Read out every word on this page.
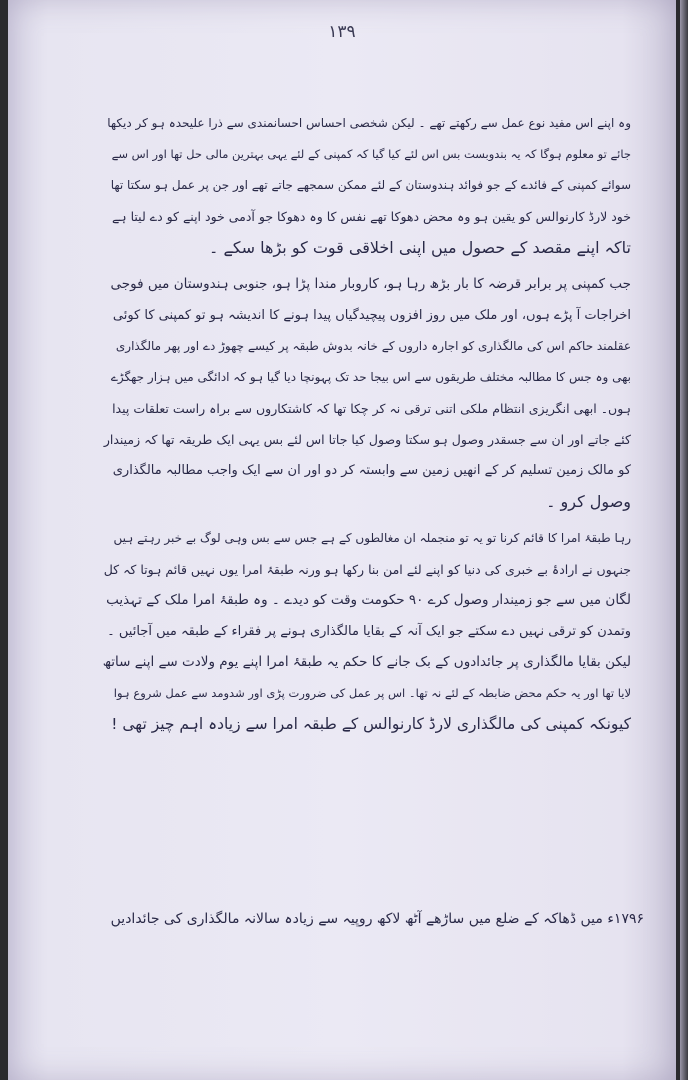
۱۳۹
وہ اپنے اس مفید نوع عمل سے رکھتے تھے ۔ لیکن شخصی احساس احسانمندی سے ذرا علیحدہ ہو کر دیکھا
جائے تو معلوم ہوگا کہ یہ بندوبست بس اس لئے کیا گیا کہ کمپنی کے لئے یہی بہترین مالی حل تھا اور اس سے
سوائے کمپنی کے فائدے کے جو فوائد ہندوستان کے لئے ممکن سمجھے جاتے تھے اور جن پر عمل ہو سکتا تھا
خود لارڈ کارنوالس کو یقین ہو وہ محض دھوکا تھے نفس کا وہ دھوکا جو آدمی خود اپنے کو دے لیتا ہے
تاکہ اپنے مقصد کے حصول میں اپنی اخلاقی قوت کو بڑھا سکے ۔
جب کمپنی پر برابر قرضہ کا بار بڑھ رہا ہو، کاروبار مندا پڑا ہو، جنوبی ہندوستان میں فوجی
اخراجات آ پڑے ہوں، اور ملک میں روز افزوں پیچیدگیاں پیدا ہونے کا اندیشہ ہو تو کمپنی کا کوئی
عقلمند حاکم اس کی مالگذاری کو اجارہ داروں کے خانہ بدوش طبقہ پر کیسے چھوڑ دے اور پھر مالگذاری
بھی وہ جس کا مطالبہ مختلف طریقوں سے اس بیجا حد تک پہونچا دیا گیا ہو کہ ادائگی میں ہزار جھگڑے
ہوں۔ ابھی انگریزی انتظام ملکی اتنی ترقی نہ کر چکا تھا کہ کاشتکاروں سے براہ راست تعلقات پیدا
کئے جاتے اور ان سے جسقدر وصول ہو سکتا وصول کیا جاتا اس لئے بس یہی ایک طریقہ تھا کہ زمیندار
کو مالک زمین تسلیم کر کے انھیں زمین سے وابستہ کر دو اور ان سے ایک واجب مطالبہ مالگذاری
وصول کرو ۔
رہا طبقۂ امرا کا قائم کرنا تو یہ تو منجملہ ان مغالطوں کے ہے جس سے بس وہی لوگ بے خبر رہتے ہیں
جنہوں نے ارادۂ بے خبری کی دنیا کو اپنے لئے امن بنا رکھا ہو ورنہ طبقۂ امرا یوں نہیں قائم ہوتا کہ کل
لگان میں سے جو زمیندار وصول کرے ۹۰ حکومت وقت کو دیدے ۔ وہ طبقۂ امرا ملک کے تہذیب
وتمدن کو ترقی نہیں دے سکتے جو ایک آنہ کے بقایا مالگذاری ہونے پر فقراء کے طبقہ میں آجائیں ۔
لیکن بقایا مالگذاری پر جائدادوں کے بک جانے کا حکم یہ طبقۂ امرا اپنے یوم ولادت سے اپنے ساتھ
لایا تھا اور یہ حکم محض ضابطہ کے لئے نہ تھا۔ اس پر عمل کی ضرورت پڑی اور شدومد سے عمل شروع ہوا
کیونکہ کمپنی کی مالگذاری لارڈ کارنوالس کے طبقہ امرا سے زیادہ اہم چیز تھی !
۱۷۹۶ء میں ڈھاکہ کے ضلع میں ساڑھے آٹھ لاکھ روپیہ سے زیادہ سالانہ مالگذاری کی جائدادیں
